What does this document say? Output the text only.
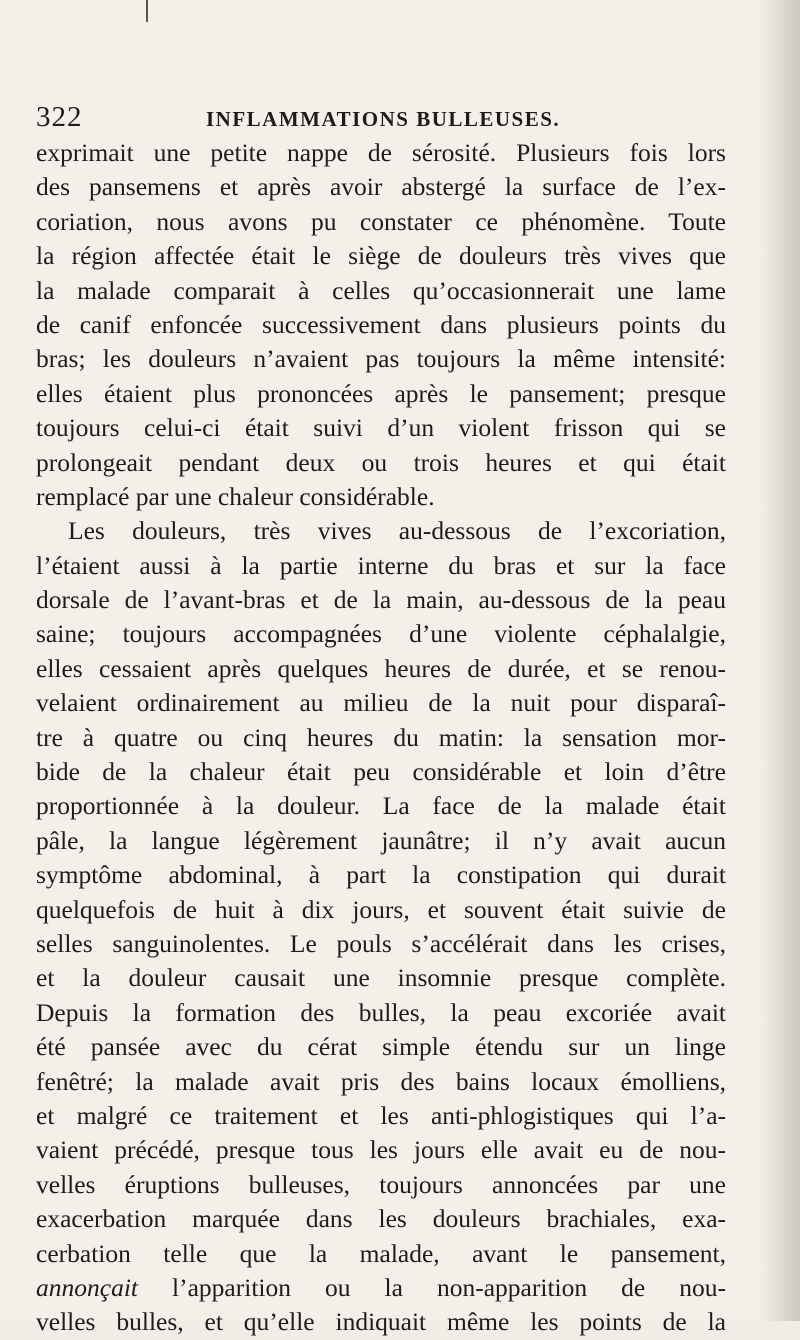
322	INFLAMMATIONS BULLEUSES.
exprimait une petite nappe de sérosité. Plusieurs fois lors
des pansemens et après avoir abstergé la surface de l’ex-
coriation, nous avons pu constater ce phénomène. Toute
la région affectée était le siège de douleurs très vives que
la malade comparait à celles qu’occasionnerait une lame
de canif enfoncée successivement dans plusieurs points du
bras; les douleurs n’avaient pas toujours la même intensité:
elles étaient plus prononcées après le pansement; presque
toujours celui-ci était suivi d’un violent frisson qui se
prolongeait pendant deux ou trois heures et qui était
remplacé par une chaleur considérable.
Les douleurs, très vives au-dessous de l’excoriation,
l’étaient aussi à la partie interne du bras et sur la face
dorsale de l’avant-bras et de la main, au-dessous de la peau
saine; toujours accompagnées d’une violente céphalalgie,
elles cessaient après quelques heures de durée, et se renou-
velaient ordinairement au milieu de la nuit pour disparaî-
tre à quatre ou cinq heures du matin: la sensation mor-
bide de la chaleur était peu considérable et loin d’être
proportionnée à la douleur. La face de la malade était
pâle, la langue légèrement jaunâtre; il n’y avait aucun
symptôme abdominal, à part la constipation qui durait
quelquefois de huit à dix jours, et souvent était suivie de
selles sanguinolentes. Le pouls s’accélérait dans les crises,
et la douleur causait une insomnie presque complète.
Depuis la formation des bulles, la peau excoriée avait
été pansée avec du cérat simple étendu sur un linge
fenêtré; la malade avait pris des bains locaux émolliens,
et malgré ce traitement et les anti-phlogistiques qui l’a-
vaient précédé, presque tous les jours elle avait eu de nou-
velles éruptions bulleuses, toujours annoncées par une
exacerbation marquée dans les douleurs brachiales, exa-
cerbation telle que la malade, avant le pansement,
annonçait l’apparition ou la non-apparition de nou-
velles bulles, et qu’elle indiquait même les points de la
